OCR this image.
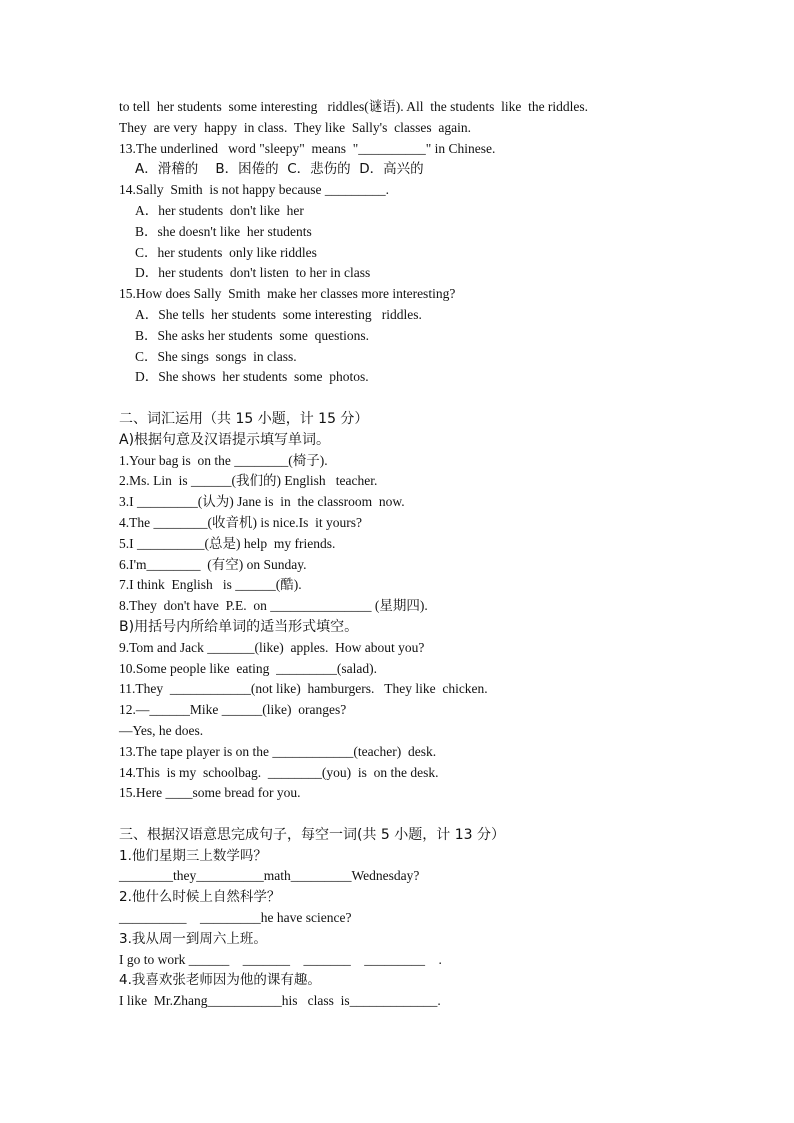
to tell  her students  some interesting   riddles(谜语). All  the students  like  the riddles.
They  are very  happy  in class.  They like  Sally's  classes  again.
13.The underlined   word "sleepy"  means  "__________" in Chinese.
A．滑稽的    B．困倦的  C．悲伤的  D．高兴的
14.Sally  Smith  is not happy because _________.
A．her students  don't like  her
B．she doesn't like  her students
C．her students  only like riddles
D．her students  don't listen  to her in class
15.How does Sally  Smith  make her classes more interesting?
A．She tells  her students  some interesting   riddles.
B．She asks her students  some  questions.
C．She sings  songs  in class.
D．She shows  her students  some  photos.
二、词汇运用（共 15 小题，计 15 分）
A)根据句意及汉语提示填写单词。
1.Your bag is  on the ________(椅子).
2.Ms. Lin  is ______(我们的) English   teacher.
3.I _________(认为) Jane is  in  the classroom  now.
4.The ________(收音机) is nice.Is  it yours?
5.I __________(总是) help  my friends.
6.I'm________  (有空) on Sunday.
7.I think  English   is ______(酷).
8.They  don't have  P.E.  on _______________ (星期四).
B)用括号内所给单词的适当形式填空。
9.Tom and Jack _______(like)  apples.  How about you?
10.Some people like  eating  _________(salad).
11.They  ____________(not like)  hamburgers.   They like  chicken.
12.—______Mike ______(like)  oranges?
—Yes, he does.
13.The tape player is on the ____________(teacher)  desk.
14.This  is my  schoolbag.  ________(you)  is  on the desk.
15.Here ____some bread for you.
三、根据汉语意思完成句子，每空一词(共 5 小题，计 13 分）
1.他们星期三上数学吗？
________they__________math_________Wednesday?
2.他什么时候上自然科学？
__________    _________he have science?
3.我从周一到周六上班。
I go to work ______    _______    _______    _________    .
4.我喜欢张老师因为他的课有趣。
I like  Mr.Zhang___________his   class  is_____________.
